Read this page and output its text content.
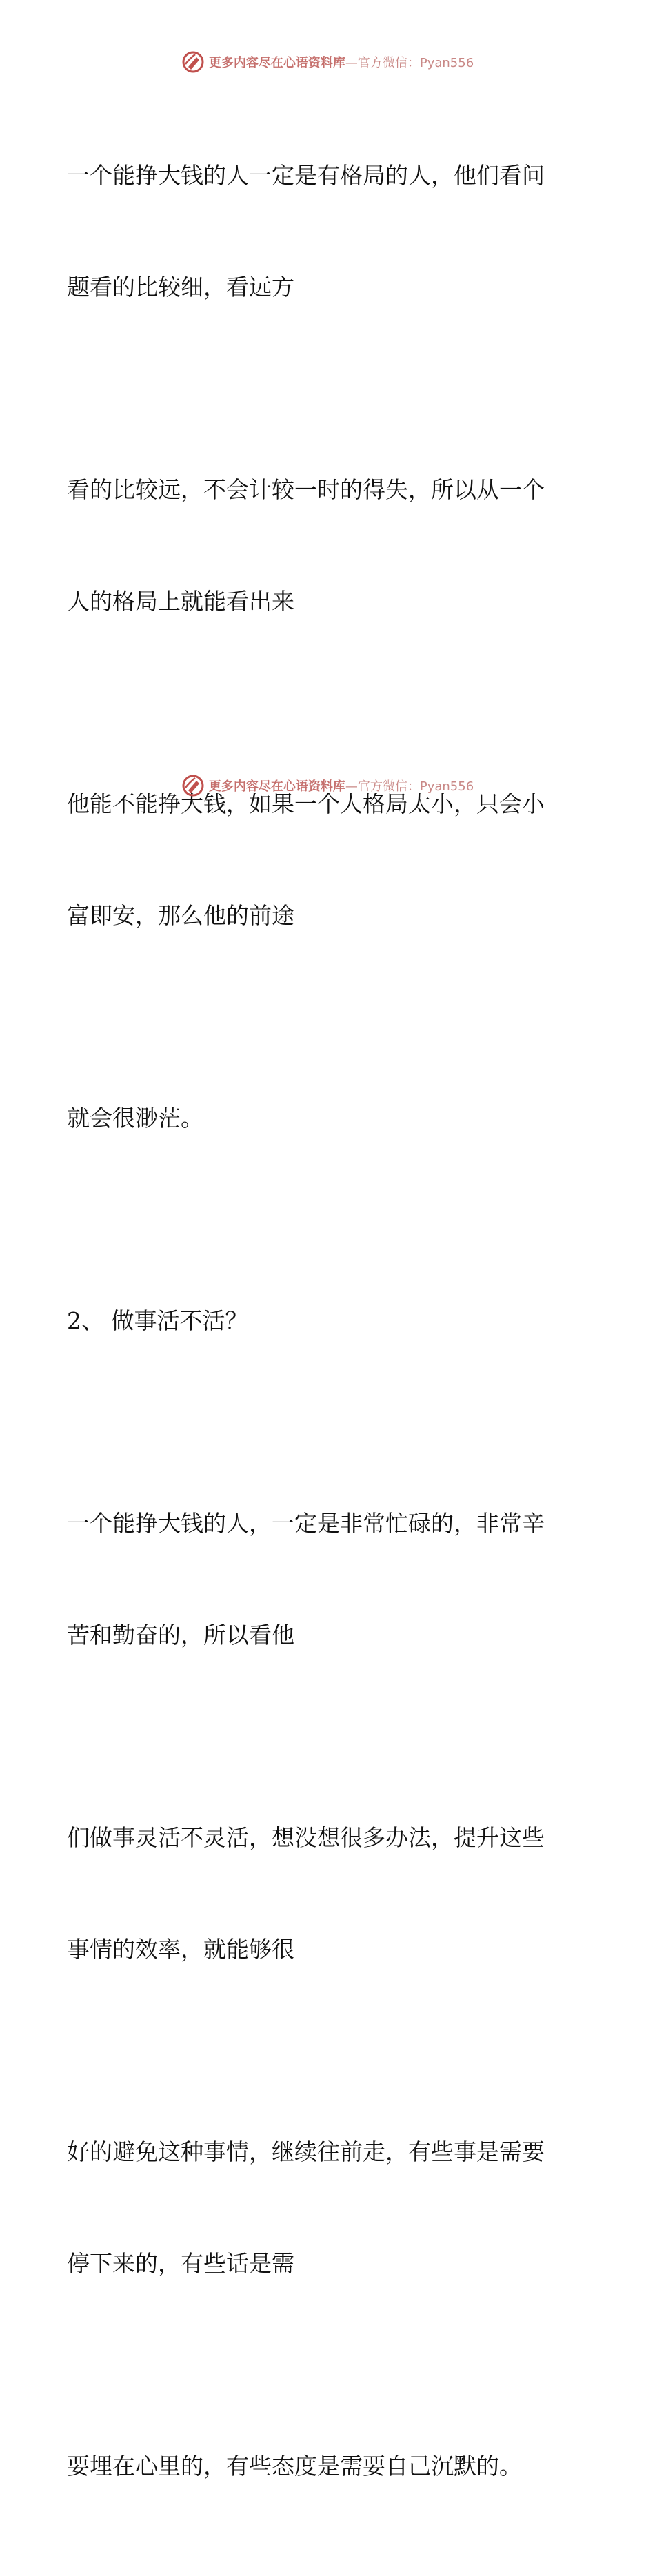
更多内容尽在心语资料库—官方微信：Pyan556

一个能挣大钱的人一定是有格局的人，他们看问

题看的比较细，看远方

看的比较远，不会计较一时的得失，所以从一个

人的格局上就能看出来

他能不能挣大钱，如果一个人格局太小，只会小

富即安，那么他的前途

就会很渺茫。

2、 做事活不活？

一个能挣大钱的人，一定是非常忙碌的，非常辛

苦和勤奋的，所以看他

们做事灵活不灵活，想没想很多办法，提升这些

事情的效率，就能够很

好的避免这种事情，继续往前走，有些事是需要

停下来的，有些话是需

要埋在心里的，有些态度是需要自己沉默的。

更多内容尽在心语资料库—官方微信：Pyan556
